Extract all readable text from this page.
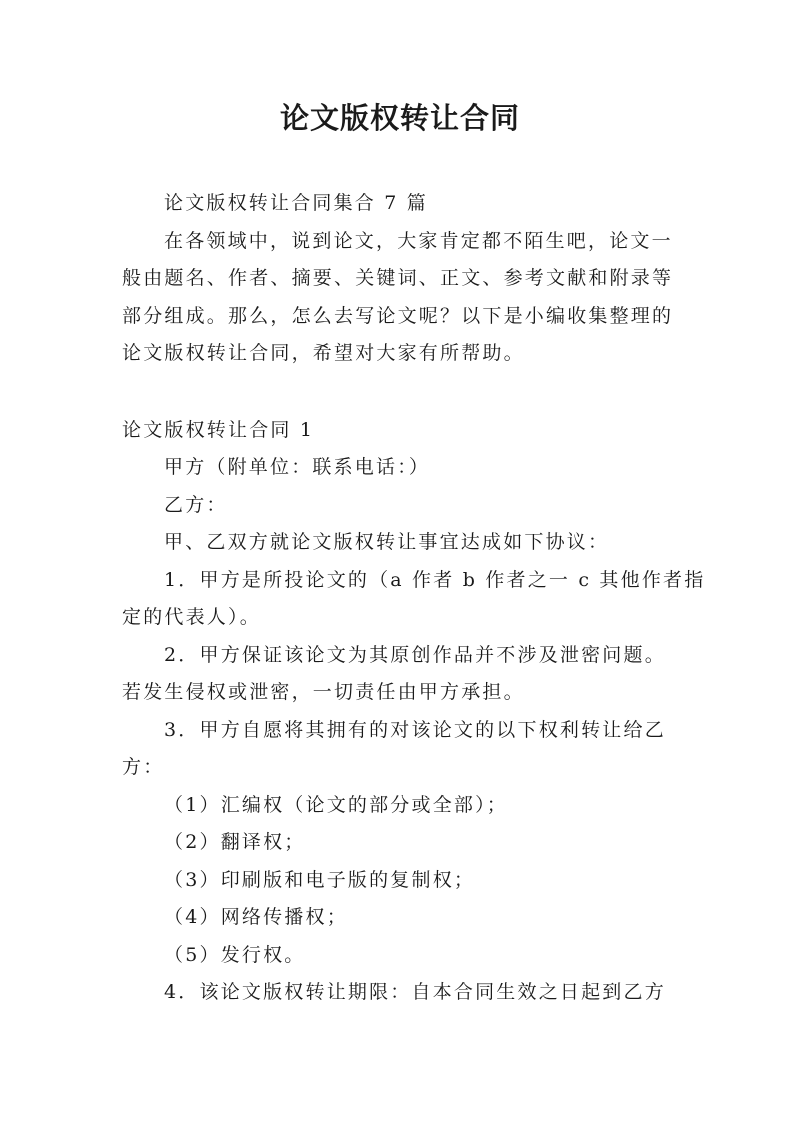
论文版权转让合同
论文版权转让合同集合 7 篇
在各领域中，说到论文，大家肯定都不陌生吧，论文一
般由题名、作者、摘要、关键词、正文、参考文献和附录等
部分组成。那么，怎么去写论文呢？以下是小编收集整理的
论文版权转让合同，希望对大家有所帮助。
论文版权转让合同 1
甲方（附单位：联系电话：）
乙方：
甲、乙双方就论文版权转让事宜达成如下协议：
1．甲方是所投论文的（a 作者 b 作者之一 c 其他作者指
定的代表人）。
2．甲方保证该论文为其原创作品并不涉及泄密问题。
若发生侵权或泄密，一切责任由甲方承担。
3．甲方自愿将其拥有的对该论文的以下权利转让给乙
方：
（1）汇编权（论文的部分或全部）；
（2）翻译权；
（3）印刷版和电子版的复制权；
（4）网络传播权；
（5）发行权。
4．该论文版权转让期限：自本合同生效之日起到乙方
